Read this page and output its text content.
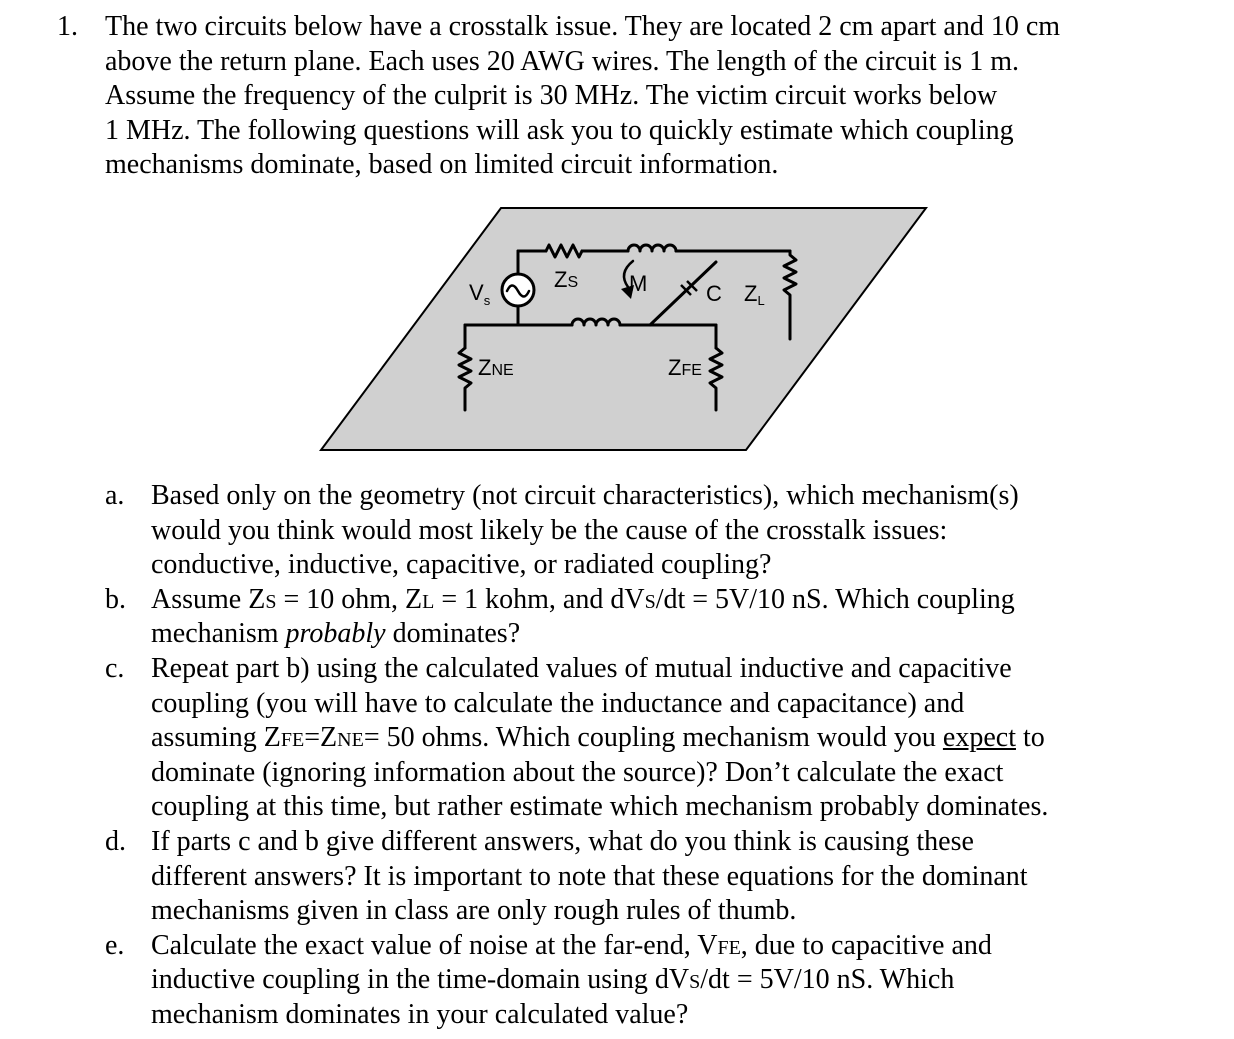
1. The two circuits below have a crosstalk issue. They are located 2 cm apart and 10 cm
above the return plane. Each uses 20 AWG wires. The length of the circuit is 1 m.
Assume the frequency of the culprit is 30 MHz. The victim circuit works below
1 MHz. The following questions will ask you to quickly estimate which coupling
mechanisms dominate, based on limited circuit information.
$V_s$
ZS M	C ZL
ZNE	ZFE
a. Based only on the geometry (not circuit characteristics), which mechanism(s)
would you think would most likely be the cause of the crosstalk issues:
conductive, inductive, capacitive, or radiated coupling?
b. Assume ZS = 10 ohm, ZL = 1 kohm, and dVS/dt = 5V/10 nS. Which coupling
mechanism probably dominates?
c. Repeat part b) using the calculated values of mutual inductive and capacitive
coupling (you will have to calculate the inductance and capacitance) and
assuming ZFE=ZNE= 50 ohms. Which coupling mechanism would you expect to
dominate (ignoring information about the source)? Don’t calculate the exact
coupling at this time, but rather estimate which mechanism probably dominates.
d. If parts c and b give different answers, what do you think is causing these
different answers? It is important to note that these equations for the dominant
mechanisms given in class are only rough rules of thumb.
e. Calculate the exact value of noise at the far-end, VFE, due to capacitive and
inductive coupling in the time-domain using dVS/dt = 5V/10 nS. Which
mechanism dominates in your calculated value?
